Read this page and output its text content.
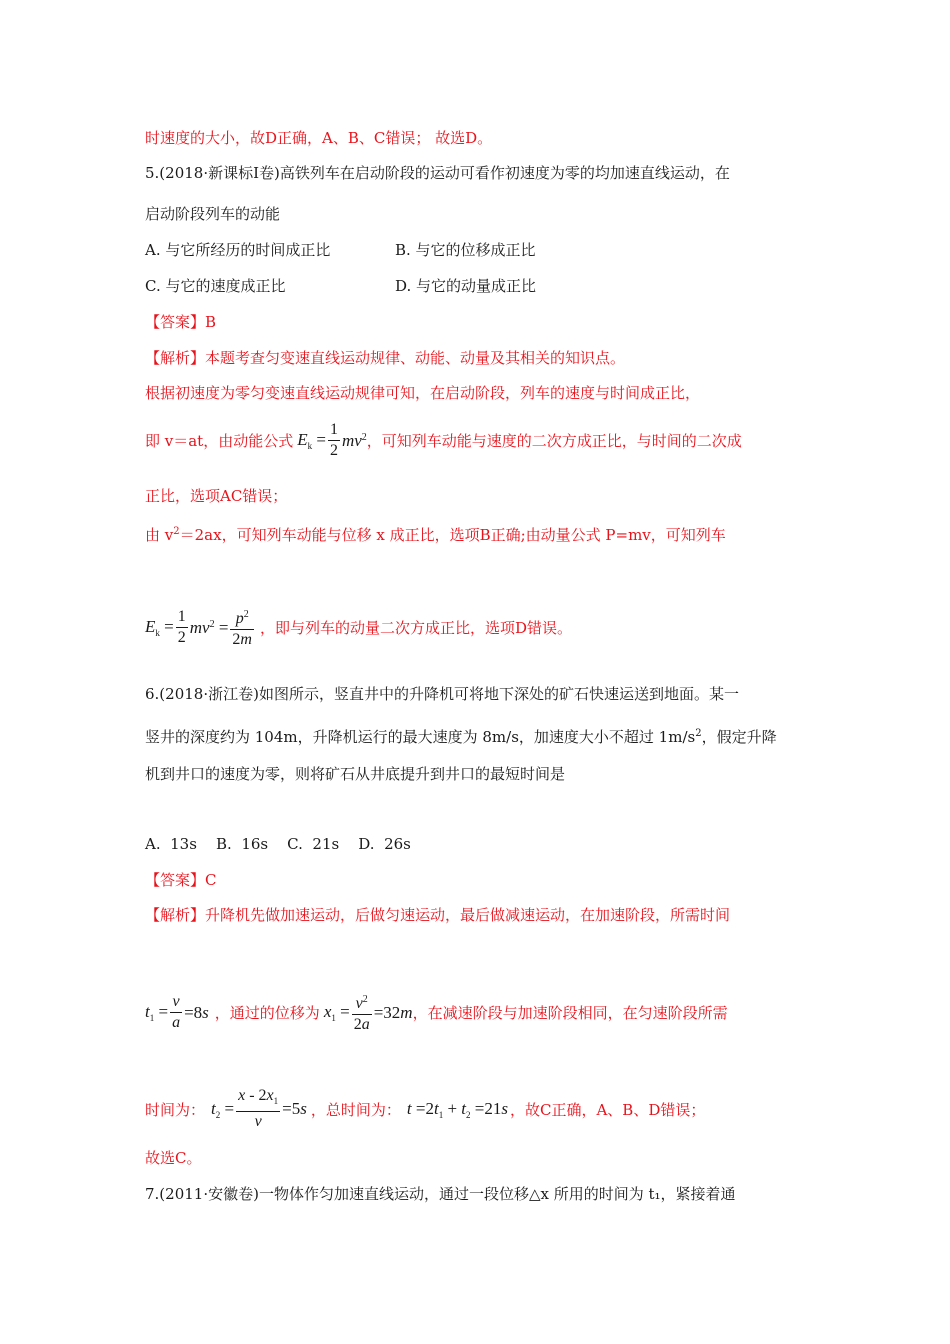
时速度的大小，故D正确，A、B、C错误； 故选D。
5.(2018·新课标Ⅰ卷)高铁列车在启动阶段的运动可看作初速度为零的均加速直线运动，在
启动阶段列车的动能
A. 与它所经历的时间成正比	B. 与它的位移成正比
C. 与它的速度成正比	D. 与它的动量成正比
【答案】B
【解析】本题考查匀变速直线运动规律、动能、动量及其相关的知识点。
根据初速度为零匀变速直线运动规律可知，在启动阶段，列车的速度与时间成正比，
即 v＝at，由动能公式 $E_k = \frac{1}{2} mv^2$ ，可知列车动能与速度的二次方成正比，与时间的二次成
正比，选项AC错误；
由 $v^2=2ax$，可知列车动能与位移 x 成正比，选项B正确;由动量公式 P=mv，可知列车
$E_k = \frac{1}{2} mv^2 = \frac{p^2}{2m}$ ，即与列车的动量二次方成正比，选项D错误。
6.(2018·浙江卷)如图所示，竖直井中的升降机可将地下深处的矿石快速运送到地面。某一
竖井的深度约为 104m，升降机运行的最大速度为 8m/s，加速度大小不超过 $1m/s^2$，假定升降
机到井口的速度为零，则将矿石从井底提升到井口的最短时间是
A.  13s    B.  16s    C.  21s    D.  26s
【答案】C
【解析】升降机先做加速运动，后做匀速运动，最后做减速运动，在加速阶段，所需时间
$t_1 = \frac{v}{a} =8s$ ，通过的位移为 $x_1 = \frac{v^2}{2a} =32m$ ，在减速阶段与加速阶段相同，在匀速阶段所需
时间为： $t_2 = \frac{x - 2x_1}{v} =5s$ ，总时间为： $t =2t_1 + t_2 =21s$ ，故C正确，A、B、D错误；
故选C。
7.(2011·安徽卷)一物体作匀加速直线运动，通过一段位移△x 所用的时间为 t₁，紧接着通
